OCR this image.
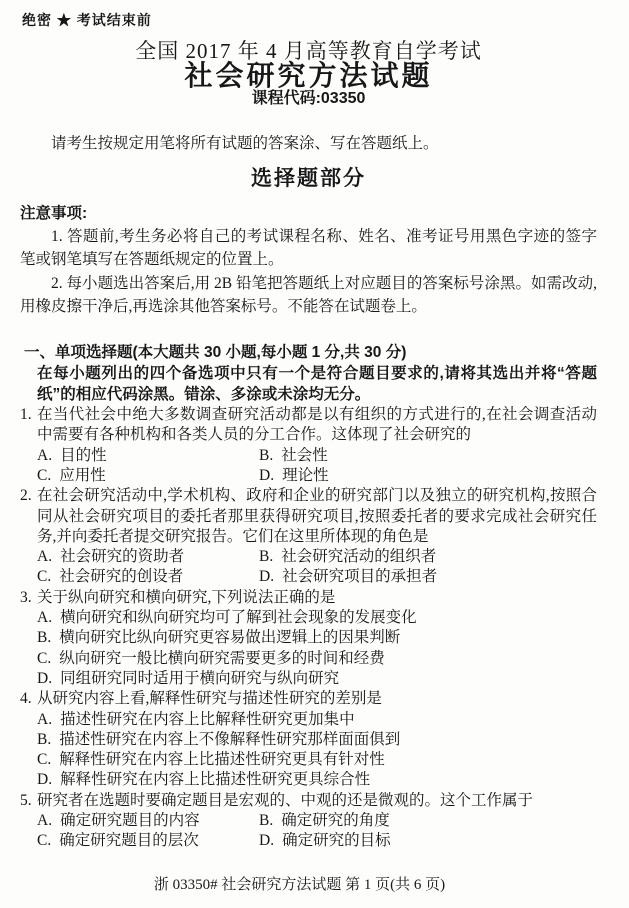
绝密 ★ 考试结束前
全国 2017 年 4 月高等教育自学考试
社会研究方法试题
课程代码:03350

请考生按规定用笔将所有试题的答案涂、写在答题纸上。

选择题部分
注意事项:

1. 答题前,考生务必将自己的考试课程名称、姓名、准考证号用黑色字迹的签字笔或钢笔填写在答题纸规定的位置上。

2. 每小题选出答案后,用 2B 铅笔把答题纸上对应题目的答案标号涂黑。如需改动,用橡皮擦干净后,再选涂其他答案标号。不能答在试题卷上。

一、单项选择题(本大题共 30 小题,每小题 1 分,共 30 分)
在每小题列出的四个备选项中只有一个是符合题目要求的,请将其选出并将“答题纸”的相应代码涂黑。错涂、多涂或未涂均无分。
1. 在当代社会中绝大多数调查研究活动都是以有组织的方式进行的,在社会调查活动中需要有各种机构和各类人员的分工合作。这体现了社会研究的
A. 目的性	B. 社会性
C. 应用性	D. 理论性
2. 在社会研究活动中,学术机构、政府和企业的研究部门以及独立的研究机构,按照合同从社会研究项目的委托者那里获得研究项目,按照委托者的要求完成社会研究任务,并向委托者提交研究报告。它们在这里所体现的角色是
A. 社会研究的资助者	B. 社会研究活动的组织者
C. 社会研究的创设者	D. 社会研究项目的承担者
3. 关于纵向研究和横向研究,下列说法正确的是
A. 横向研究和纵向研究均可了解到社会现象的发展变化
B. 横向研究比纵向研究更容易做出逻辑上的因果判断
C. 纵向研究一般比横向研究需要更多的时间和经费
D. 同组研究同时适用于横向研究与纵向研究
4. 从研究内容上看,解释性研究与描述性研究的差别是
A. 描述性研究在内容上比解释性研究更加集中
B. 描述性研究在内容上不像解释性研究那样面面俱到
C. 解释性研究在内容上比描述性研究更具有针对性
D. 解释性研究在内容上比描述性研究更具综合性
5. 研究者在选题时要确定题目是宏观的、中观的还是微观的。这个工作属于
A. 确定研究题目的内容	B. 确定研究的角度
C. 确定研究题目的层次	D. 确定研究的目标
浙 03350# 社会研究方法试题 第 1 页(共 6 页)
